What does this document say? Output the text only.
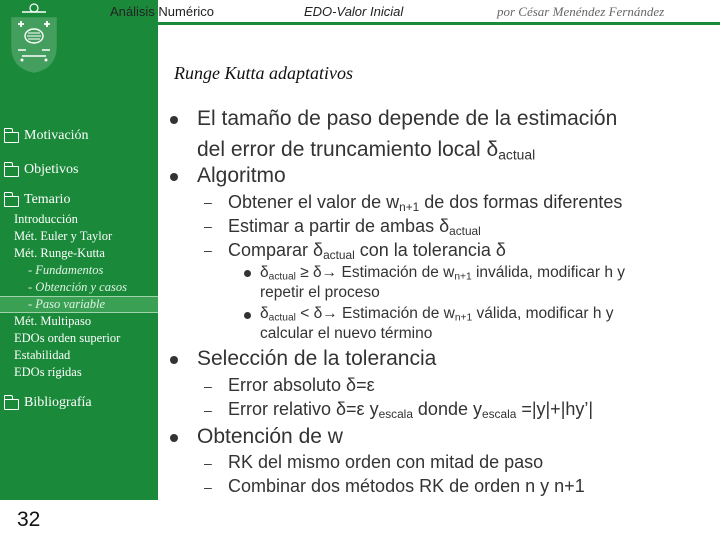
Análisis Numérico	EDO-Valor Inicial	por César Menéndez Fernández
Runge Kutta adaptativos
Motivación
Objetivos
Temario
Introducción
Mét. Euler y Taylor
Mét. Runge-Kutta
- Fundamentos
- Obtención y casos
- Paso variable
Mét. Multipaso
EDOs orden superior
Estabilidad
EDOs rígidas
Bibliografía
32
El tamaño de paso depende de la estimación
del error de truncamiento local $\delta_{actual}$
Algoritmo
– Obtener el valor de $w_{n+1}$ de dos formas diferentes
– Estimar a partir de ambas $\delta_{actual}$
– Comparar $\delta_{actual}$ con la tolerancia δ
$\delta_{actual} \ge \delta\to$ Estimación de $w_{n+1}$ inválida, modificar h y
repetir el proceso
$\delta_{actual} < \delta\to$ Estimación de $w_{n+1}$ válida, modificar h y
calcular el nuevo término
Selección de la tolerancia
– Error absoluto δ=ε
– Error relativo δ=ε $y_{escala}$ donde $y_{escala}$ =|y|+|hy’|
Obtención de w
– RK del mismo orden con mitad de paso
– Combinar dos métodos RK de orden n y n+1
